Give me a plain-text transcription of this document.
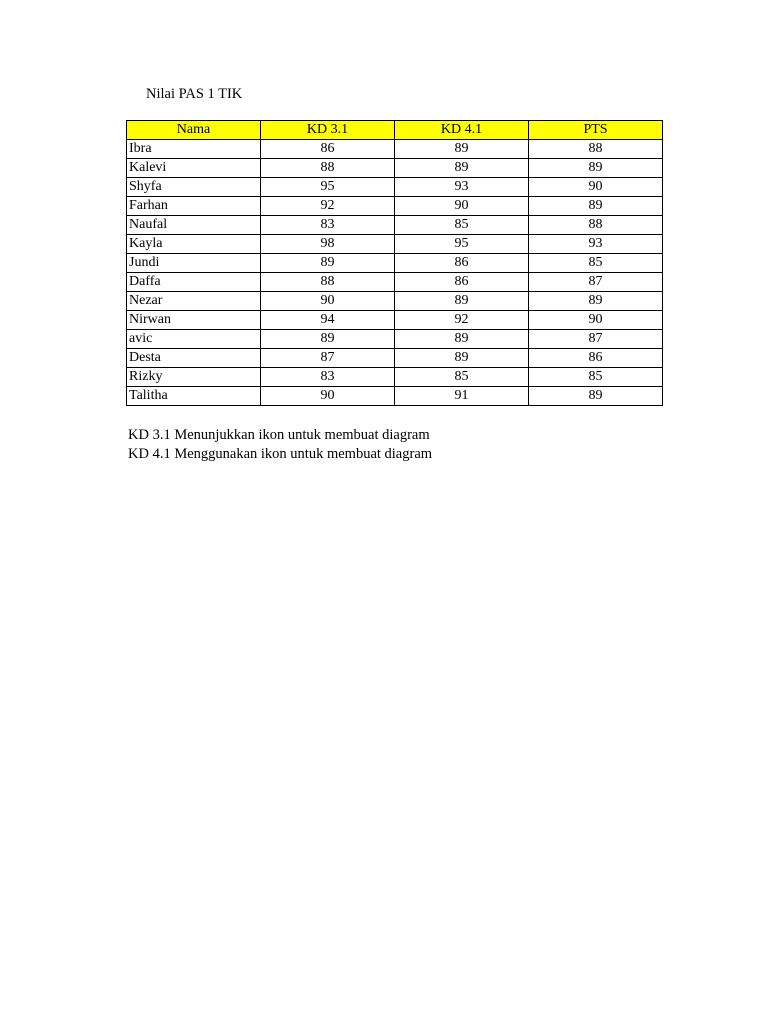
Nilai PAS 1 TIK
Nama	KD 3.1	KD 4.1	PTS
Ibra	86	89	88
Kalevi	88	89	89
Shyfa	95	93	90
Farhan	92	90	89
Naufal	83	85	88
Kayla	98	95	93
Jundi	89	86	85
Daffa	88	86	87
Nezar	90	89	89
Nirwan	94	92	90
avic	89	89	87
Desta	87	89	86
Rizky	83	85	85
Talitha	90	91	89
KD 3.1 Menunjukkan ikon untuk membuat diagram
KD 4.1 Menggunakan ikon untuk membuat diagram
